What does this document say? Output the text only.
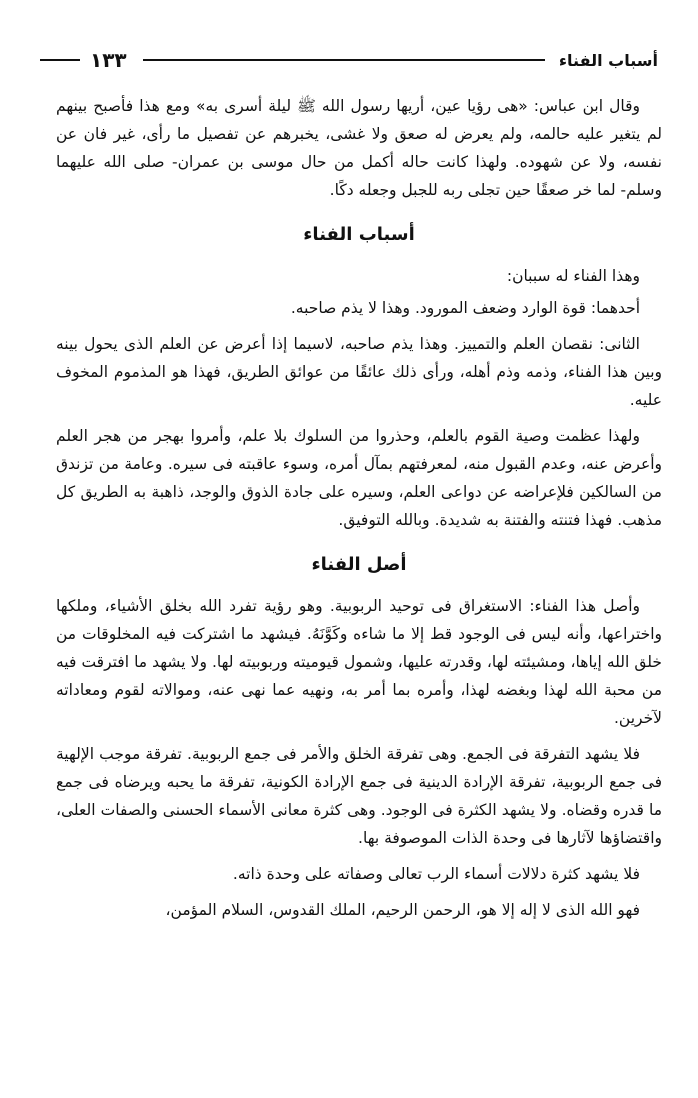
أسباب الفناء
١٣٣

وقال ابن عباس: «هى رؤيا عين، أريها رسول الله ﷺ ليلة أسرى به» ومع هذا فأصبح بينهم لم يتغير عليه حالمه، ولم يعرض له صعق ولا غشى، يخبرهم عن تفصيل ما رأى، غير فان عن نفسه، ولا عن شهوده. ولهذا كانت حاله أكمل من حال موسى بن عمران- صلى الله عليهما وسلم- لما خر صعقًا حين تجلى ربه للجبل وجعله دكًا.

أسباب الفناء

وهذا الفناء له سببان:

أحدهما: قوة الوارد وضعف المورود. وهذا لا يذم صاحبه.

الثانى: نقصان العلم والتمييز. وهذا يذم صاحبه، لاسيما إذا أعرض عن العلم الذى يحول بينه وبين هذا الفناء، وذمه وذم أهله، ورأى ذلك عائقًا من عوائق الطريق، فهذا هو المذموم المخوف عليه.

ولهذا عظمت وصية القوم بالعلم، وحذروا من السلوك بلا علم، وأمروا بهجر من هجر العلم وأعرض عنه، وعدم القبول منه، لمعرفتهم بمآل أمره، وسوء عاقبته فى سيره. وعامة من تزندق من السالكين فلإعراضه عن دواعى العلم، وسيره على جادة الذوق والوجد، ذاهبة به الطريق كل مذهب. فهذا فتنته والفتنة به شديدة. وبالله التوفيق.

أصل الفناء

وأصل هذا الفناء: الاستغراق فى توحيد الربوبية. وهو رؤية تفرد الله بخلق الأشياء، وملكها واختراعها، وأنه ليس فى الوجود قط إلا ما شاءه وكَوَّنَهُ. فيشهد ما اشتركت فيه المخلوقات من خلق الله إياها، ومشيئته لها، وقدرته عليها، وشمول قيوميته وربوبيته لها. ولا يشهد ما افترقت فيه من محبة الله لهذا وبغضه لهذا، وأمره بما أمر به، ونهيه عما نهى عنه، وموالاته لقوم ومعاداته لآخرين.

فلا يشهد التفرقة فى الجمع. وهى تفرقة الخلق والأمر فى جمع الربوبية. تفرقة موجب الإلهية فى جمع الربوبية، تفرقة الإرادة الدينية فى جمع الإرادة الكونية، تفرقة ما يحبه ويرضاه فى جمع ما قدره وقضاه. ولا يشهد الكثرة فى الوجود. وهى كثرة معانى الأسماء الحسنى والصفات العلى، واقتضاؤها لآثارها فى وحدة الذات الموصوفة بها.

فلا يشهد كثرة دلالات أسماء الرب تعالى وصفاته على وحدة ذاته.

فهو الله الذى لا إله إلا هو، الرحمن الرحيم، الملك القدوس، السلام المؤمن،
